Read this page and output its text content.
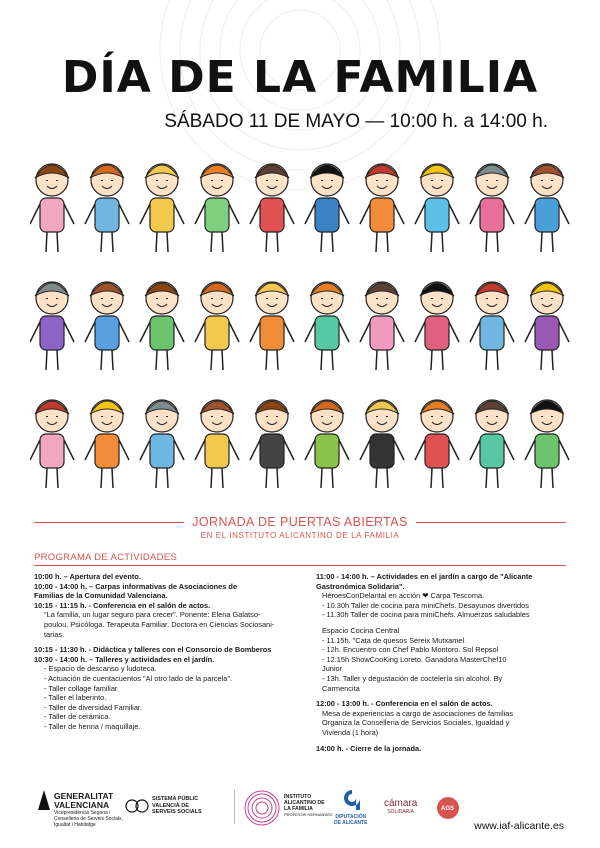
DÍA DE LA FAMILIA
SÁBADO 11 DE MAYO — 10:00 h. a 14:00 h.
JORNADA DE PUERTAS ABIERTAS
EN EL INSTITUTO ALICANTINO DE LA FAMILIA
PROGRAMA DE ACTIVIDADES
10:00 h. – Apertura del evento.
10:00 - 14:00 h. – Carpas informativas de Asociaciones de
Familias de la Comunidad Valenciana.
10:15 - 11:15 h. - Conferencia en el salón de actos.
"La familia, un lugar seguro para crecer". Ponente: Elena Galatso-
poulou. Psicóloga. Terapeuta Familiar. Doctora en Ciencias Sociosani-
tarias.
10:15 - 11:30 h. - Didáctica y talleres con el Consorcio de Bomberos
10:30 - 14:00 h. – Talleres y actividades en el jardín.
- Espacio de descanso y ludoteca.
- Actuación de cuentacuentos "Al otro lado de la parcela".
- Taller collage familiar.
- Taller el laberinto.
- Taller de diversidad Familiar.
- Taller de cerámica.
- Taller de henna / maquillaje.
11:00 - 14:00 h. – Actividades en el jardín a cargo de "Alicante
Gastronómica Solidaria".
HéroesConDelantal en acción ❤ Carpa Tescoma.
- 10.30h Taller de cocina para miniChefs. Desayunos divertidos
- 11.30h Taller de cocina para miniChefs. Almuerzos saludables
Espacio Cocina Central
- 11.15h. "Cata de quesos Sereix Mutxamel
- 12h. Encuentro con Chef Pablo Montoro. Sol Repsol
- 12.15h ShowCooKing Loreto. Ganadora MasterChef10
Junior
- 13h. Taller y degustación de coctelería sin alcohol. By
Carmencita
12:00 - 13:00 h. - Conferencia en el salón de actos.
Mesa de experiencias a cargo de asociaciones de familias
Organiza la Conselleria de Servicios Sociales, Igualdad y
Vivienda (1 hora)
14:00 h. - Cierre de la jornada.
GENERALITAT
VALENCIANA
Vicepresidència Segona i
Conselleria de Serveis Socials,
Igualtat i Habitatge
SISTEMA PÚBLIC
VALENCIÀ DE
SERVEIS SOCIALS
INSTITUTO
ALICANTINO DE
LA FAMILIA
PROFESOR HERNANDEZ DIPUTACIÓN
DE ALICANTE
cámara
SOLIDARIA	AGS
www.iaf-alicante.es
